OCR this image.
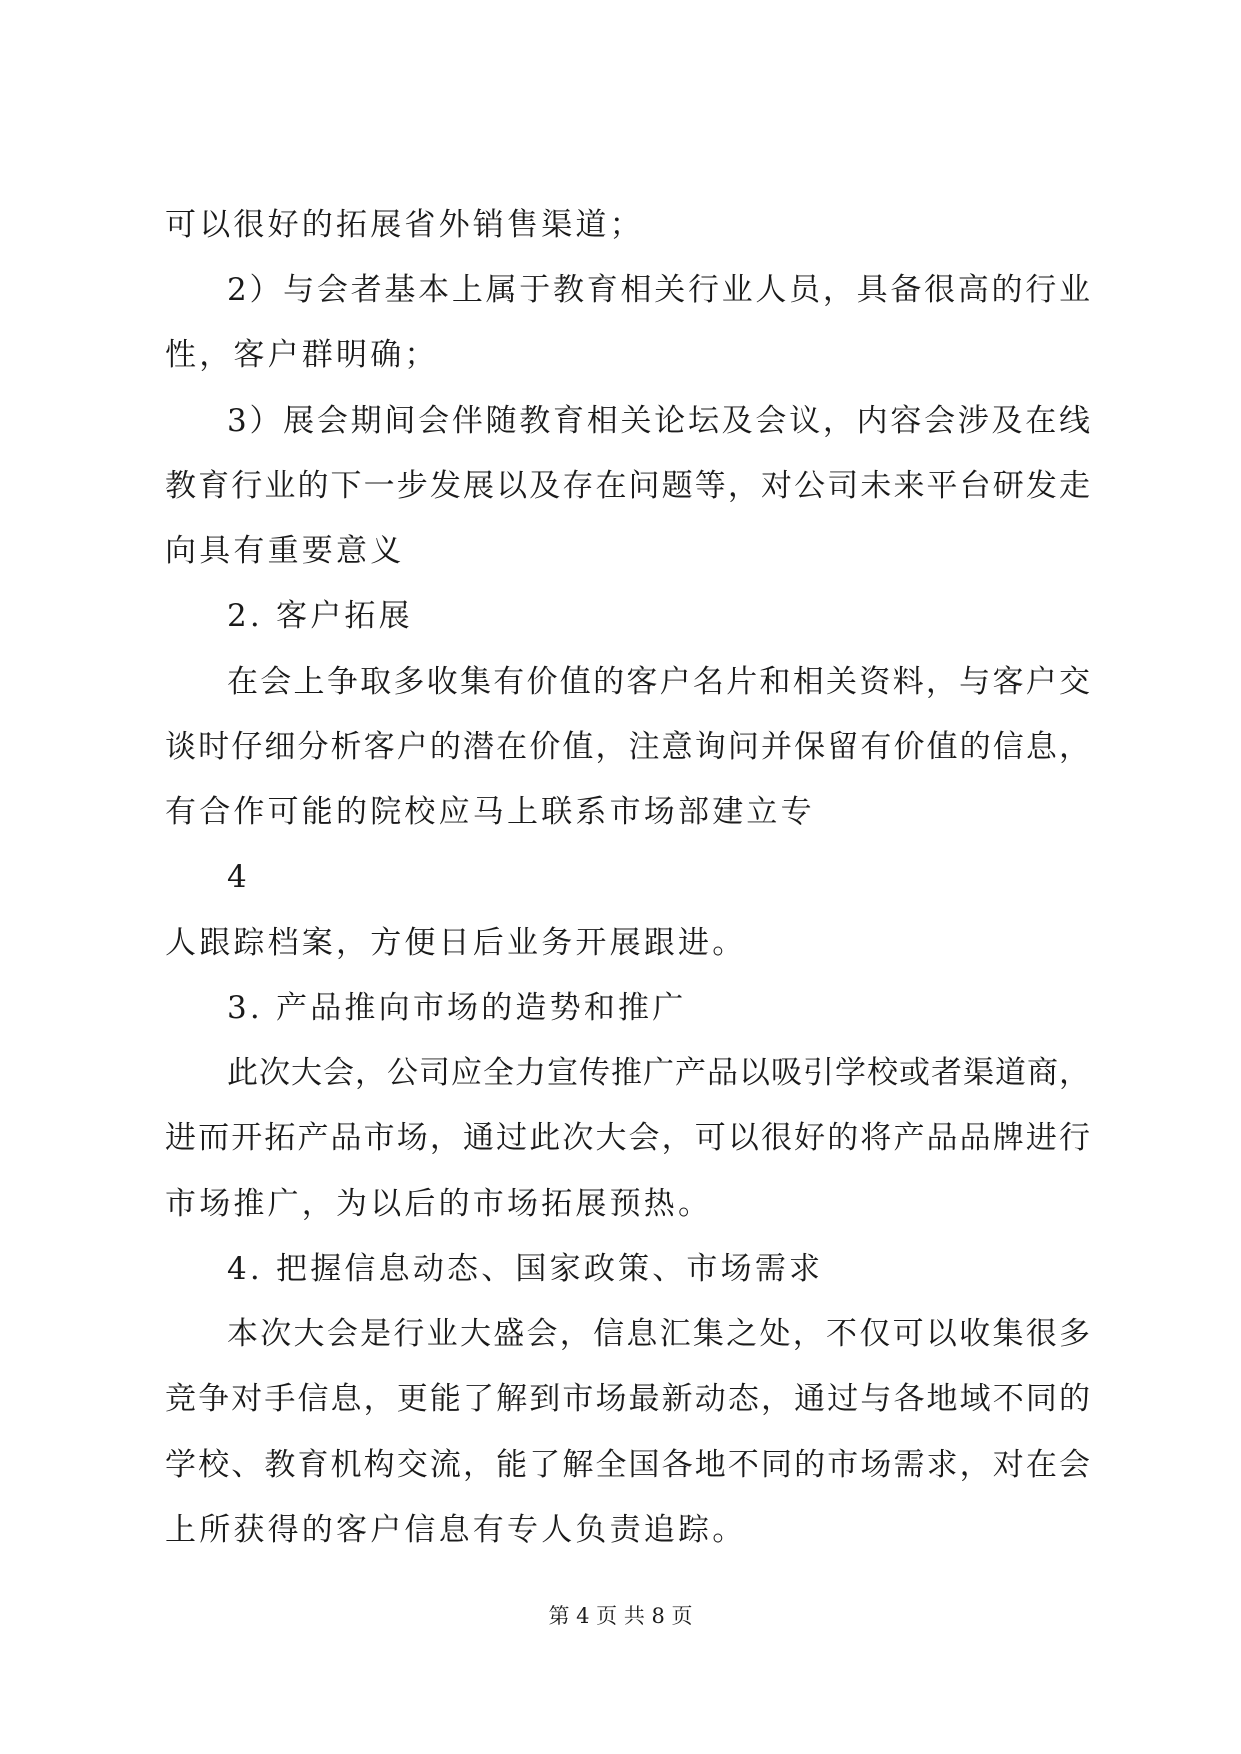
可以很好的拓展省外销售渠道；
2）与会者基本上属于教育相关行业人员，具备很高的行业
性，客户群明确；
3）展会期间会伴随教育相关论坛及会议，内容会涉及在线
教育行业的下一步发展以及存在问题等，对公司未来平台研发走
向具有重要意义
2. 客户拓展
在会上争取多收集有价值的客户名片和相关资料，与客户交
谈时仔细分析客户的潜在价值，注意询问并保留有价值的信息，
有合作可能的院校应马上联系市场部建立专
4
人跟踪档案，方便日后业务开展跟进。
3. 产品推向市场的造势和推广
此次大会，公司应全力宣传推广产品以吸引学校或者渠道商，
进而开拓产品市场，通过此次大会，可以很好的将产品品牌进行
市场推广，为以后的市场拓展预热。
4. 把握信息动态、国家政策、市场需求
本次大会是行业大盛会，信息汇集之处，不仅可以收集很多
竞争对手信息，更能了解到市场最新动态，通过与各地域不同的
学校、教育机构交流，能了解全国各地不同的市场需求，对在会
上所获得的客户信息有专人负责追踪。
第 4 页 共 8 页
